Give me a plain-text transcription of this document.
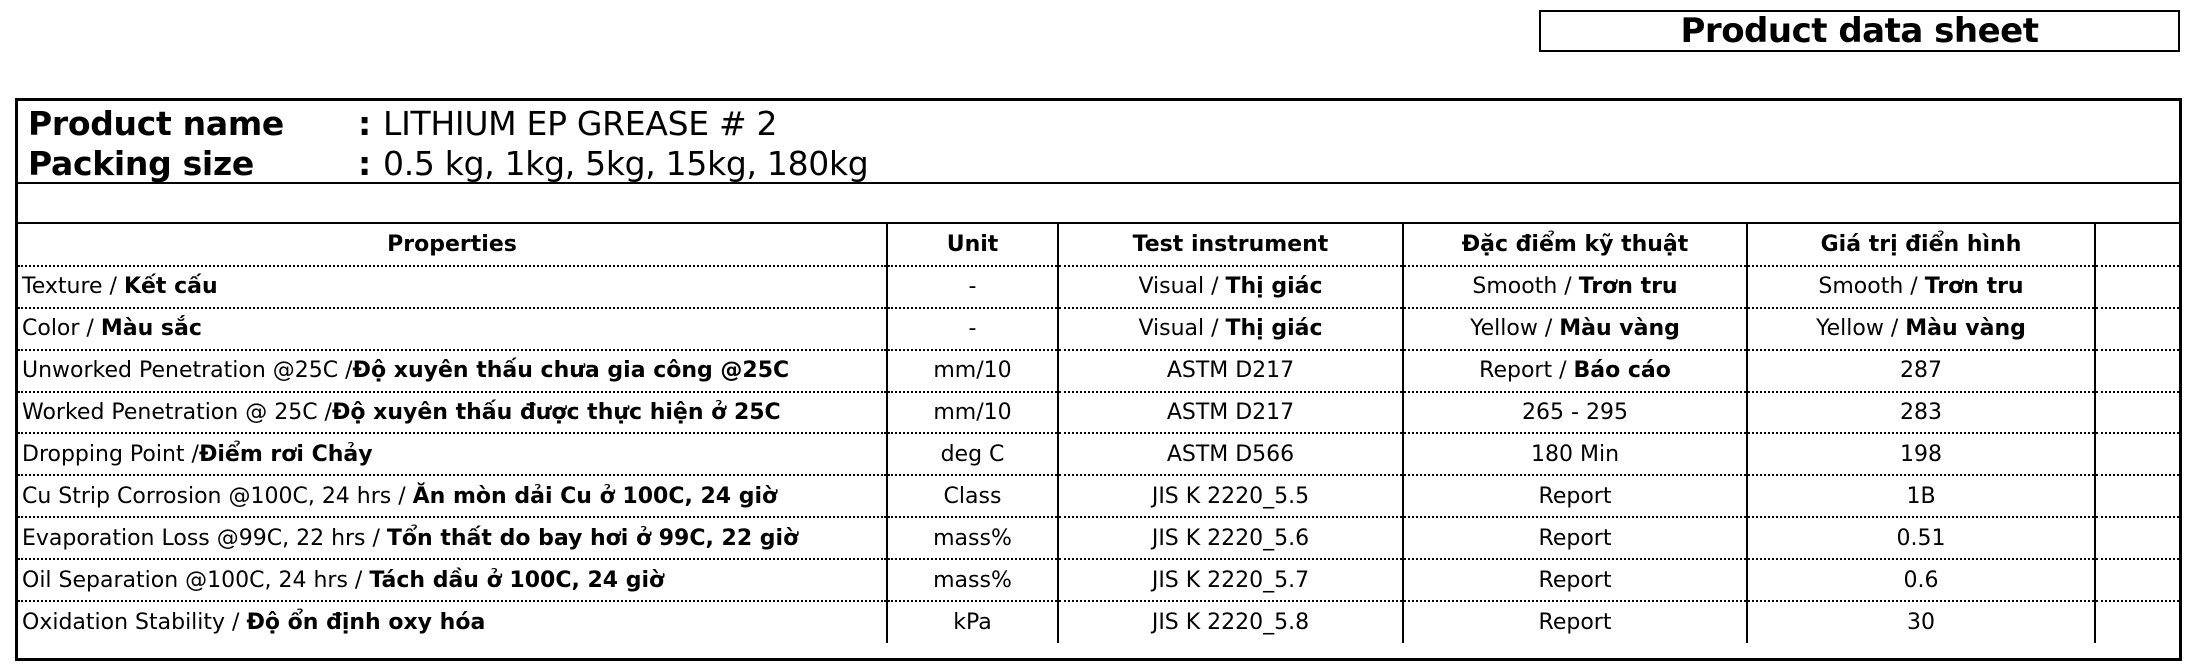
Product data sheet
Product name	: LITHIUM EP GREASE # 2
Packing size	: 0.5 kg, 1kg, 5kg, 15kg, 180kg
Properties	Unit	Test instrument	Đặc điểm kỹ thuật	Giá trị điển hình	
Texture / Kết cấu	-	Visual / Thị giác	Smooth / Trơn tru	Smooth / Trơn tru	
Color / Màu sắc	-	Visual / Thị giác	Yellow / Màu vàng	Yellow / Màu vàng	
Unworked Penetration @25C /Độ xuyên thấu chưa gia công @25C	mm/10	ASTM D217	Report / Báo cáo	287	
Worked Penetration @ 25C /Độ xuyên thấu được thực hiện ở 25C	mm/10	ASTM D217	265 - 295	283	
Dropping Point /Điểm rơi Chảy	deg C	ASTM D566	180 Min	198	
Cu Strip Corrosion @100C, 24 hrs / Ăn mòn dải Cu ở 100C, 24 giờ	Class	JIS K 2220_5.5	Report	1B	
Evaporation Loss @99C, 22 hrs / Tổn thất do bay hơi ở 99C, 22 giờ	mass%	JIS K 2220_5.6	Report	0.51	
Oil Separation @100C, 24 hrs / Tách dầu ở 100C, 24 giờ	mass%	JIS K 2220_5.7	Report	0.6	
Oxidation Stability / Độ ổn định oxy hóa	kPa	JIS K 2220_5.8	Report	30	
